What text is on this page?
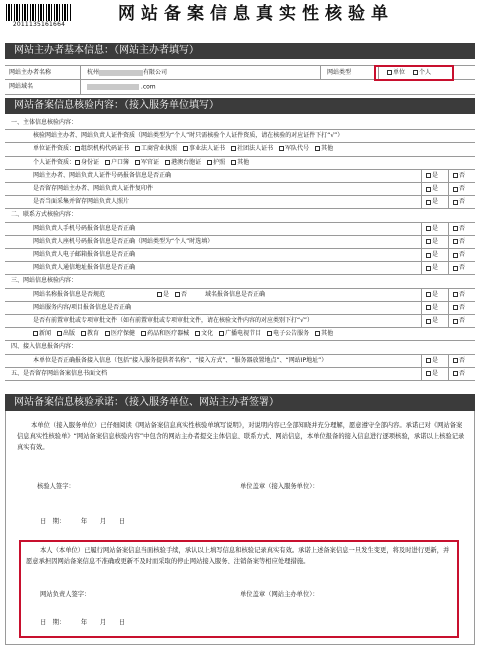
2011135161664
网站备案信息真实性核验单
网站主办者基本信息：（网站主办者填写）
网站主办者名称	杭州	有限公司	网站类型	单位 个人
网站域名	.com
网站备案信息核验内容：（接入服务单位填写）
一、主体信息核验内容：
核验网站主办者、网站负责人证件资质（网站类型为“个人”时只需核验个人证件资质，请在核验的对应证件下打“√”）
单位证件资质：	组织机构代码证书	工商营业执照	事业法人证书	社团法人证书	军队代号	其他
个人证件资质：	身份证	户口簿	军官证	港澳台胞证	护照	其他
网站主办者、网站负责人证件号码报备信息是否正确	是	否
是否留存网站主办者、网站负责人证件复印件	是	否
是否当面采集并留存网站负责人照片	是	否
二、联系方式核验内容：
网站负责人手机号码报备信息是否正确	是	否
网站负责人座机号码报备信息是否正确（网站类型为“个人”时选填）	是	否
网站负责人电子邮箱报备信息是否正确	是	否
网站负责人通信地址报备信息是否正确	是	否
三、网站信息核验内容：
网站名称报备信息是否规范	是	否	域名报备信息是否正确	是	否
网站服务内容/项目报备信息是否正确	是	否
是否有前置审批或专项审批文件（如有前置审批或专项审批文件，请在核验文件内容的对应类别下打“√”）	是	否
新闻	出版	教育	医疗保健	药品和医疗器械	文化	广播电视节目	电子公告服务	其他
四、接入信息报备内容：
本单位是否正确报备接入信息（包括“接入服务提供者名称”、“接入方式”、“服务器放置地点”、“网站IP地址”）	是	否
五、是否留存网站备案信息书面文档	是	否
网站备案信息核验承诺：（接入服务单位、网站主办者签署）
本单位（接入服务单位）已仔细阅读《网站备案信息真实性核验单填写说明》，对说明内容已全部知晓并充分理解，愿意遵守全部内容。承诺已对《网站备案信息真实性核验单》“网站备案信息核验内容”中包含的网站主办者提交主体信息、联系方式、网站信息，本单位报备的接入信息进行逐项核验，承诺以上核验记录真实有效。
核验人签字：	单位盖章（接入服务单位）：
日　期：　　　年　　月　　日
本人（本单位）已履行网站备案信息当面核验手续，承认以上填写信息和核验记录真实有效。承诺上述备案信息一旦发生变更，将及时进行更新，并愿意承担因网站备案信息不准确或更新不及时而采取的停止网站接入服务、注销备案等相应处理措施。
网站负责人签字：	单位盖章（网站主办单位）：
日　期：　　　年　　月　　日
